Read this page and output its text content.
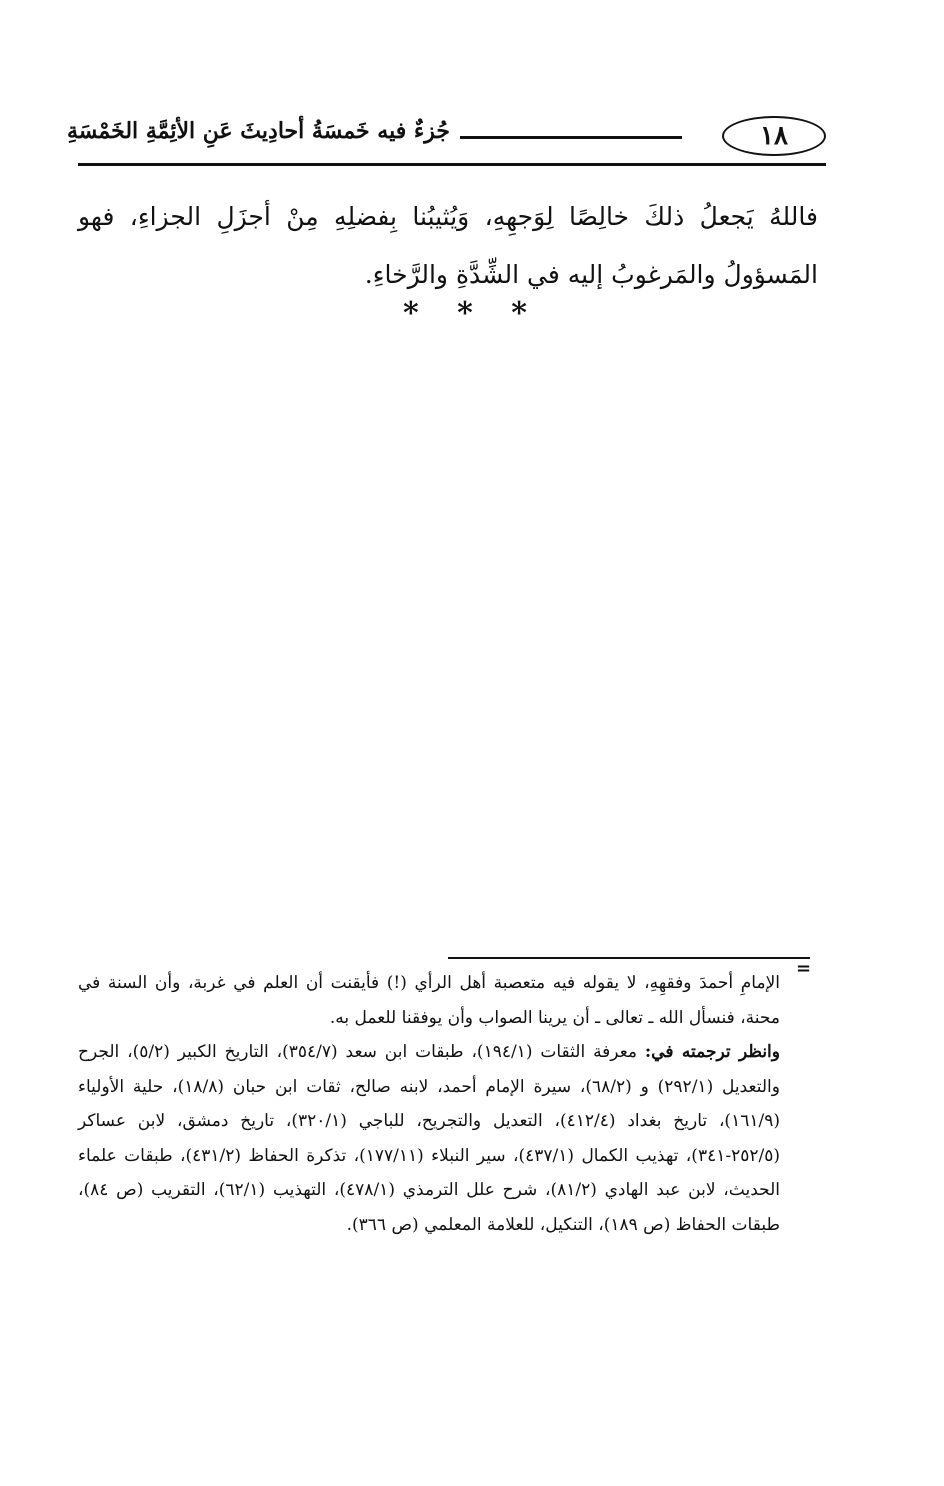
١٨
جُزءٌ فيه خَمسَةُ أحادِيثَ عَنِ الأئِمَّةِ الخَمْسَةِ
فاللهُ يَجعلُ ذلكَ خالِصًا لِوَجهِهِ، وَيُثيبُنا بِفضلِهِ مِنْ أجزَلِ الجزاءِ، فهو المَسؤولُ والمَرغوبُ إليه في الشِّدَّةِ والرَّخاءِ.
* * *
=

الإمامِ أحمدَ وفقهِهِ، لا يقوله فيه متعصبة أهل الرأي (!) فأيقنت أن العلم في غربة، وأن السنة في محنة، فنسأل الله ـ تعالى ـ أن يرينا الصواب وأن يوفقنا للعمل به.

وانظر ترجمته في: معرفة الثقات (١٩٤/١)، طبقات ابن سعد (٣٥٤/٧)، التاريخ الكبير (٥/٢)، الجرح والتعديل (٢٩٢/١) و (٦٨/٢)، سيرة الإمام أحمد، لابنه صالح، ثقات ابن حبان (١٨/٨)، حلية الأولياء (١٦١/٩)، تاريخ بغداد (٤١٢/٤)، التعديل والتجريح، للباجي (٣٢٠/١)، تاريخ دمشق، لابن عساكر (٢٥٢/٥-٣٤١)، تهذيب الكمال (٤٣٧/١)، سير النبلاء (١٧٧/١١)، تذكرة الحفاظ (٤٣١/٢)، طبقات علماء الحديث، لابن عبد الهادي (٨١/٢)، شرح علل الترمذي (٤٧٨/١)، التهذيب (٦٢/١)، التقريب (ص ٨٤)، طبقات الحفاظ (ص ١٨٩)، التنكيل، للعلامة المعلمي (ص ٣٦٦).
